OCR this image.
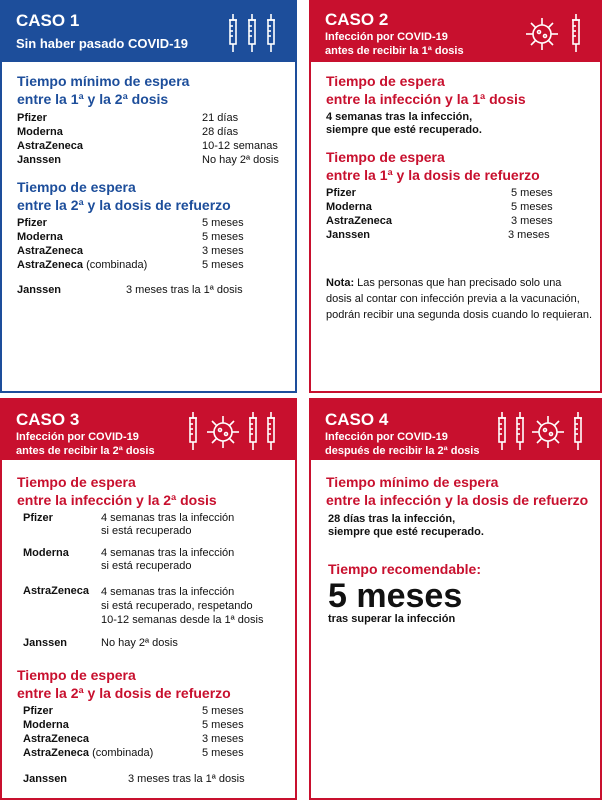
CASO 1
Sin haber pasado COVID-19
Tiempo mínimo de espera
entre la 1ª y la 2ª dosis
Pfizer	21 días
Moderna	28 días
AstraZeneca	10-12 semanas
Janssen	No hay 2ª dosis
Tiempo de espera
entre la 2ª y la dosis de refuerzo
Pfizer	5 meses
Moderna	5 meses
AstraZeneca	3 meses
AstraZeneca (combinada)	5 meses
Janssen	3 meses tras la 1ª dosis
CASO 2
Infección por COVID-19
antes de recibir la 1ª dosis
Tiempo de espera
entre la infección y la 1ª dosis
4 semanas tras la infección,
siempre que esté recuperado.
Tiempo de espera
entre la 1ª y la dosis de refuerzo
Pfizer	5 meses
Moderna	5 meses
AstraZeneca	3 meses
Janssen	3 meses
Nota: Las personas que han precisado solo una
dosis al contar con infección previa a la vacunación,
podrán recibir una segunda dosis cuando lo requieran.
CASO 3
Infección por COVID-19
antes de recibir la 2ª dosis
Tiempo de espera
entre la infección y la 2ª dosis
Pfizer	4 semanas tras la infección
si está recuperado
Moderna	4 semanas tras la infección
si está recuperado
AstraZeneca 4 semanas tras la infección
si está recuperado, respetando
10-12 semanas desde la 1ª dosis
Janssen	No hay 2ª dosis
Tiempo de espera
entre la 2ª y la dosis de refuerzo
Pfizer	5 meses
Moderna	5 meses
AstraZeneca	3 meses
AstraZeneca (combinada)	5 meses
Janssen	3 meses tras la 1ª dosis
CASO 4
Infección por COVID-19
después de recibir la 2ª dosis
Tiempo mínimo de espera
entre la infección y la dosis de refuerzo
28 días tras la infección,
siempre que esté recuperado.
Tiempo recomendable:
5 meses
tras superar la infección
